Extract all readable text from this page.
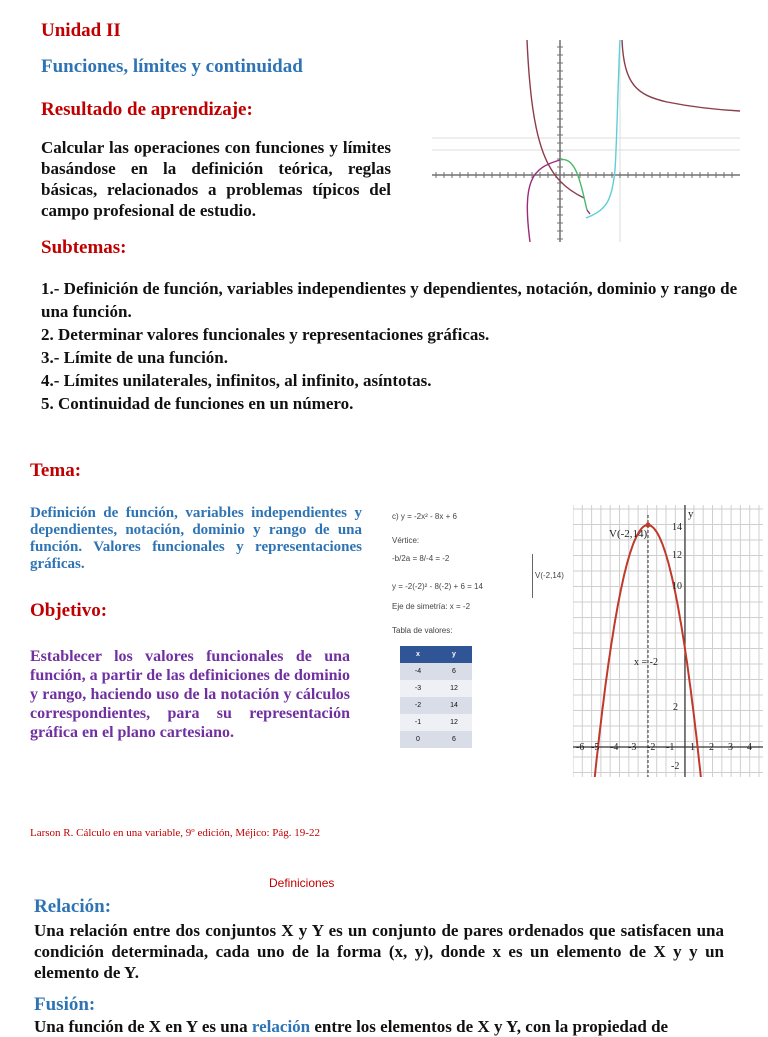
Unidad II
Funciones, límites y continuidad
Resultado de aprendizaje:
Calcular las operaciones con funciones y límites basándose en la definición teórica, reglas básicas, relacionados a problemas típicos del campo profesional de estudio.
Subtemas:
1.- Definición de función, variables independientes y dependientes, notación, dominio y rango de una función.
2. Determinar valores funcionales y representaciones gráficas.
3.- Límite de una función.
4.- Límites unilaterales, infinitos, al infinito, asíntotas.
5. Continuidad de funciones en un número.
Tema:
Definición de función, variables independientes y dependientes, notación, dominio y rango de una función. Valores funcionales y representaciones gráficas.
Objetivo:
Establecer los valores funcionales de una función, a partir de las definiciones de dominio y rango, haciendo uso de la notación y cálculos correspondientes, para su representación gráfica en el plano cartesiano.
c) y = -2x² - 8x + 6
Vértice:
-b/2a = 8/-4 = -2
y = -2(-2)² - 8(-2) + 6 = 14
V(-2,14)
Eje de simetría: x = -2
Tabla de valores:
x	y
-4	6
-3	12
-2	14
-1	12
0	6
V(-2,14)
x = -2
y
-6 -5 -4 -3 -2 -1 1 2 3 4
14
12
10
2
-2
Larson R. Cálculo en una variable, 9º edición, Méjico: Pág. 19-22
Definiciones
Relación:
Una relación entre dos conjuntos X y Y es un conjunto de pares ordenados que satisfacen una condición determinada, cada uno de la forma (x, y), donde x es un elemento de X y y un elemento de Y.
Fusión:
Una función de X en Y es una relación entre los elementos de X y Y, con la propiedad de
